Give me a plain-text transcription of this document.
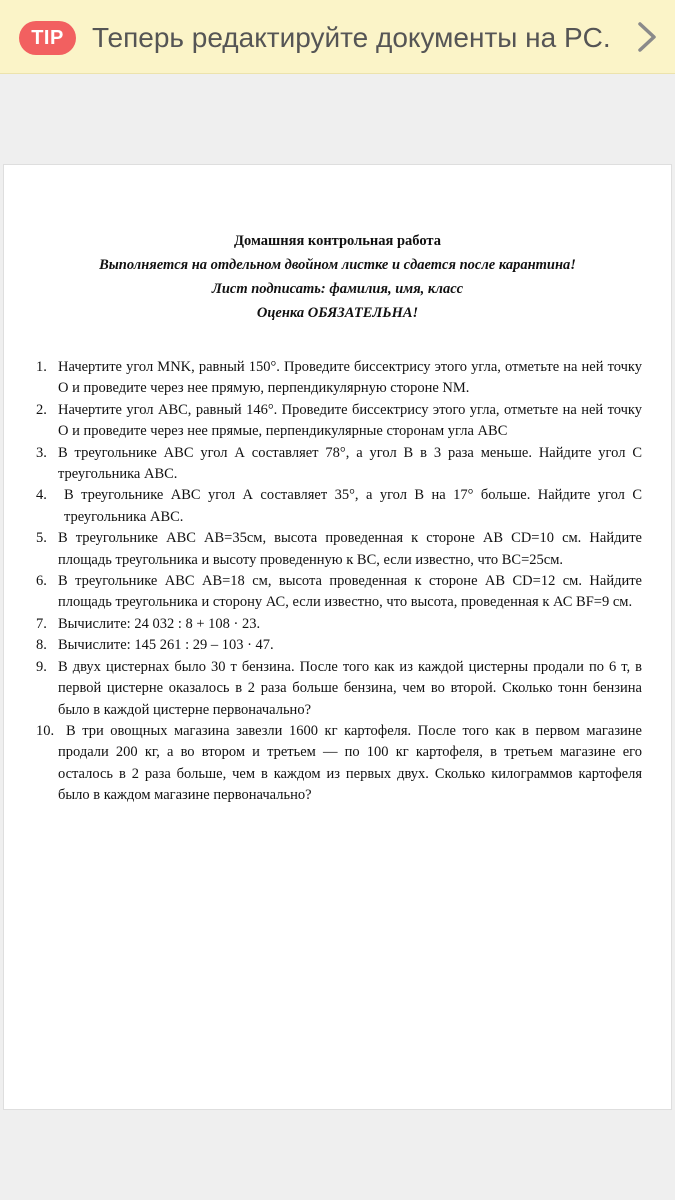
TIP	Теперь редактируйте документы на PC.
Домашняя контрольная работа
Выполняется на отдельном двойном листке и сдается после карантина!
Лист подписать: фамилия, имя, класс
Оценка ОБЯЗАТЕЛЬНА!
1. Начертите угол MNK, равный 150°. Проведите биссектрису этого угла, отметьте на ней точку О и проведите через нее прямую, перпендикулярную стороне NM.
2. Начертите угол АВС, равный 146°. Проведите биссектрису этого угла, отметьте на ней точку О и проведите через нее прямые, перпендикулярные сторонам угла АВС
3. В треугольнике АВС угол А составляет 78°, а угол В в 3 раза меньше. Найдите угол С треугольника АВС.
4.	В треугольнике АВС угол А составляет 35°, а угол В на 17° больше. Найдите угол С треугольника АВС.
5. В треугольнике АВС АВ=35см, высота проведенная к стороне АВ CD=10 см. Найдите площадь треугольника и высоту проведенную к ВС, если известно, что ВС=25см.
6. В треугольнике АВС АВ=18 см, высота проведенная к стороне АВ CD=12 см. Найдите площадь треугольника и сторону АС, если известно, что высота, проведенная к АС BF=9 см.
7. Вычислите: 24 032 : 8 + 108 · 23.
8. Вычислите: 145 261 : 29 – 103 · 47.
9. В двух цистернах было 30 т бензина. После того как из каждой цистерны продали по 6 т, в первой цистерне оказалось в 2 раза больше бензина, чем во второй. Сколько тонн бензина было в каждой цистерне первоначально?
10. В три овощных магазина завезли 1600 кг картофеля. После того как в первом магазине продали 200 кг, а во втором и третьем — по 100 кг картофеля, в третьем магазине его осталось в 2 раза больше, чем в каждом из первых двух. Сколько килограммов картофеля было в каждом магазине первоначально?
